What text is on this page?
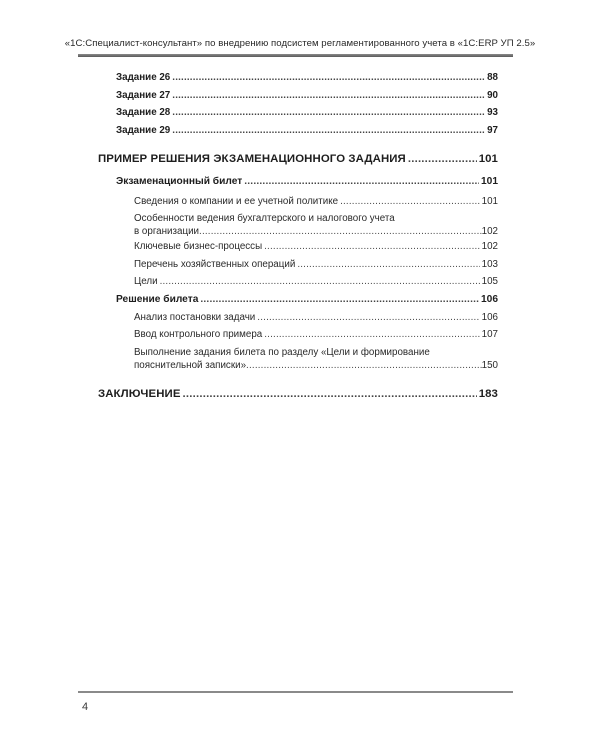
«1С:Специалист-консультант» по внедрению подсистем регламентированного учета в «1С:ERP УП 2.5»
Задание 26 .....	88
Задание 27 .....	90
Задание 28 .....	93
Задание 29 .....	97
ПРИМЕР РЕШЕНИЯ ЭКЗАМЕНАЦИОННОГО ЗАДАНИЯ .....	101
Экзаменационный билет .....	101
Сведения о компании и ее учетной политике .....	101
Особенности ведения бухгалтерского и налогового учета
в организации .....	102
Ключевые бизнес-процессы .....	102
Перечень хозяйственных операций .....	103
Цели .....	105
Решение билета .....	106
Анализ постановки задачи .....	106
Ввод контрольного примера .....	107
Выполнение задания билета по разделу «Цели и формирование
пояснительной записки» .....	150
ЗАКЛЮЧЕНИЕ .....	183
4
